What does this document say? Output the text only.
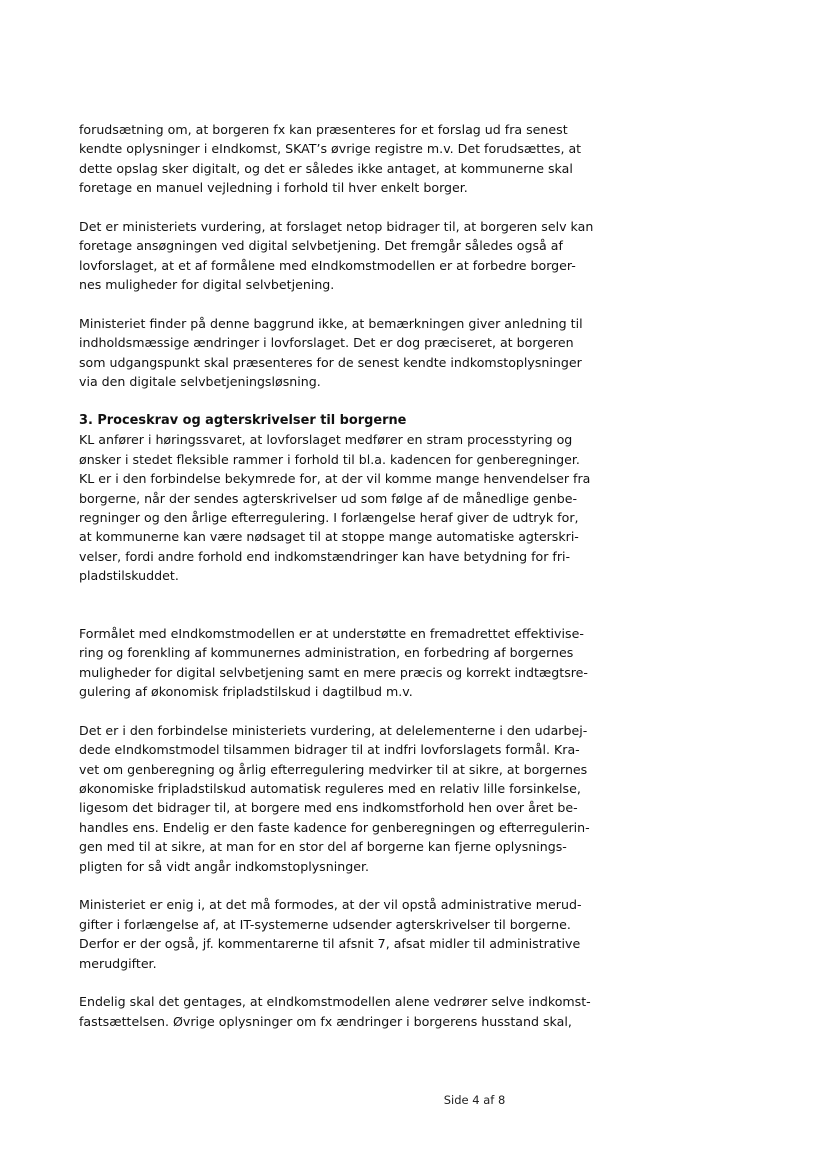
forudsætning om, at borgeren fx kan præsenteres for et forslag ud fra senest
kendte oplysninger i eIndkomst, SKAT’s øvrige registre m.v. Det forudsættes, at
dette opslag sker digitalt, og det er således ikke antaget, at kommunerne skal
foretage en manuel vejledning i forhold til hver enkelt borger.

Det er ministeriets vurdering, at forslaget netop bidrager til, at borgeren selv kan
foretage ansøgningen ved digital selvbetjening. Det fremgår således også af
lovforslaget, at et af formålene med eIndkomstmodellen er at forbedre borger-
nes muligheder for digital selvbetjening.

Ministeriet finder på denne baggrund ikke, at bemærkningen giver anledning til
indholdsmæssige ændringer i lovforslaget. Det er dog præciseret, at borgeren
som udgangspunkt skal præsenteres for de senest kendte indkomstoplysninger
via den digitale selvbetjeningsløsning.

3. Proceskrav og agterskrivelser til borgerne
KL anfører i høringssvaret, at lovforslaget medfører en stram processtyring og
ønsker i stedet fleksible rammer i forhold til bl.a. kadencen for genberegninger.
KL er i den forbindelse bekymrede for, at der vil komme mange henvendelser fra
borgerne, når der sendes agterskrivelser ud som følge af de månedlige genbe-
regninger og den årlige efterregulering. I forlængelse heraf giver de udtryk for,
at kommunerne kan være nødsaget til at stoppe mange automatiske agterskri-
velser, fordi andre forhold end indkomstændringer kan have betydning for fri-
pladstilskuddet.

Formålet med eIndkomstmodellen er at understøtte en fremadrettet effektivise-
ring og forenkling af kommunernes administration, en forbedring af borgernes
muligheder for digital selvbetjening samt en mere præcis og korrekt indtægtsre-
gulering af økonomisk fripladstilskud i dagtilbud m.v.

Det er i den forbindelse ministeriets vurdering, at delelementerne i den udarbej-
dede eIndkomstmodel tilsammen bidrager til at indfri lovforslagets formål. Kra-
vet om genberegning og årlig efterregulering medvirker til at sikre, at borgernes
økonomiske fripladstilskud automatisk reguleres med en relativ lille forsinkelse,
ligesom det bidrager til, at borgere med ens indkomstforhold hen over året be-
handles ens. Endelig er den faste kadence for genberegningen og efterregulerin-
gen med til at sikre, at man for en stor del af borgerne kan fjerne oplysnings-
pligten for så vidt angår indkomstoplysninger.

Ministeriet er enig i, at det må formodes, at der vil opstå administrative merud-
gifter i forlængelse af, at IT-systemerne udsender agterskrivelser til borgerne.
Derfor er der også, jf. kommentarerne til afsnit 7, afsat midler til administrative
merudgifter.

Endelig skal det gentages, at eIndkomstmodellen alene vedrører selve indkomst-
fastsættelsen. Øvrige oplysninger om fx ændringer i borgerens husstand skal,

Side 4 af 8
